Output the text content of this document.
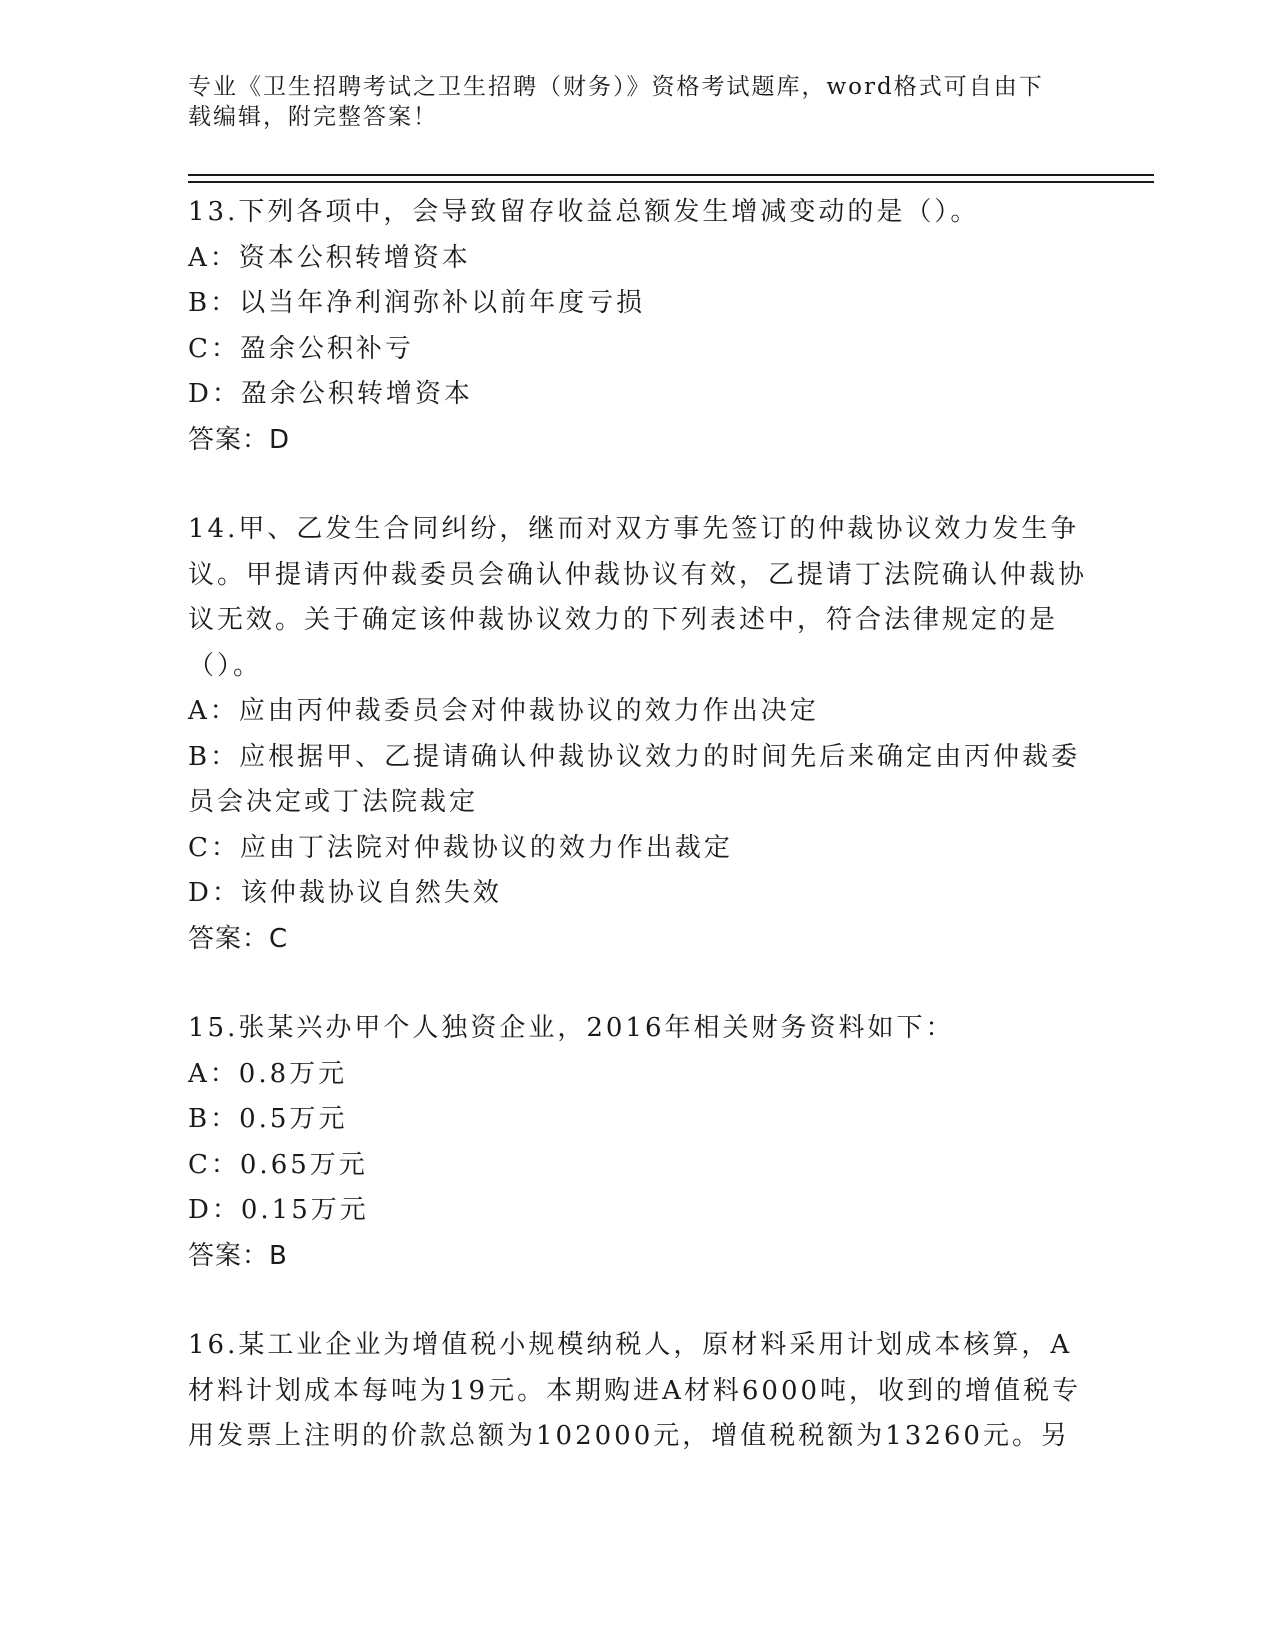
专业《卫生招聘考试之卫生招聘（财务）》资格考试题库，word格式可自由下载编辑，附完整答案！
13.下列各项中，会导致留存收益总额发生增减变动的是（）。
A：资本公积转增资本
B：以当年净利润弥补以前年度亏损
C：盈余公积补亏
D：盈余公积转增资本
答案：D
14.甲、乙发生合同纠纷，继而对双方事先签订的仲裁协议效力发生争议。甲提请丙仲裁委员会确认仲裁协议有效，乙提请丁法院确认仲裁协议无效。关于确定该仲裁协议效力的下列表述中，符合法律规定的是（）。
A：应由丙仲裁委员会对仲裁协议的效力作出决定
B：应根据甲、乙提请确认仲裁协议效力的时间先后来确定由丙仲裁委员会决定或丁法院裁定
C：应由丁法院对仲裁协议的效力作出裁定
D：该仲裁协议自然失效
答案：C
15.张某兴办甲个人独资企业，2016年相关财务资料如下：
A：0.8万元
B：0.5万元
C：0.65万元
D：0.15万元
答案：B
16.某工业企业为增值税小规模纳税人，原材料采用计划成本核算，A材料计划成本每吨为19元。本期购进A材料6000吨，收到的增值税专用发票上注明的价款总额为102000元，增值税税额为13260元。另
